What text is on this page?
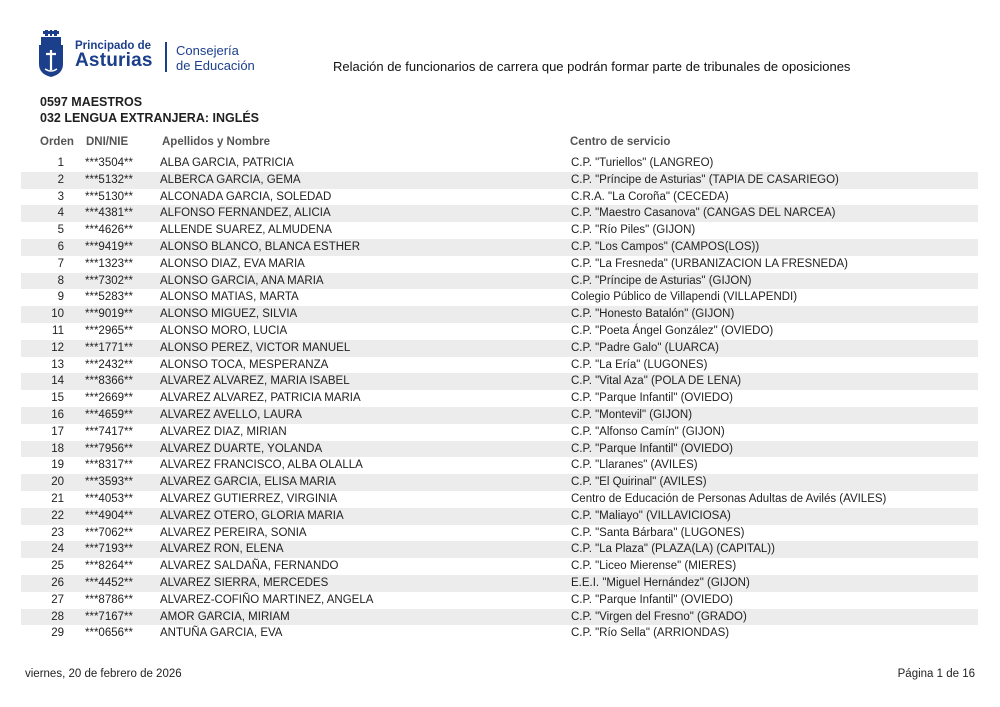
Principado de
Asturias Consejería
de Educación	Relación de funcionarios de carrera que podrán formar parte de tribunales de oposiciones
0597 MAESTROS
032 LENGUA EXTRANJERA: INGLÉS
Orden DNI/NIE	Apellidos y Nombre	Centro de servicio
1 ***3504** ALBA GARCIA, PATRICIA	C.P. "Turiellos" (LANGREO)
2 ***5132** ALBERCA GARCIA, GEMA	C.P. "Príncipe de Asturias" (TAPIA DE CASARIEGO)
3 ***5130** ALCONADA GARCIA, SOLEDAD	C.R.A. "La Coroña" (CECEDA)
4 ***4381** ALFONSO FERNANDEZ, ALICIA	C.P. "Maestro Casanova" (CANGAS DEL NARCEA)
5 ***4626** ALLENDE SUAREZ, ALMUDENA	C.P. "Río Piles" (GIJON)
6 ***9419** ALONSO BLANCO, BLANCA ESTHER	C.P. "Los Campos" (CAMPOS(LOS))
7 ***1323** ALONSO DIAZ, EVA MARIA	C.P. "La Fresneda" (URBANIZACION LA FRESNEDA)
8 ***7302** ALONSO GARCIA, ANA MARIA	C.P. "Príncipe de Asturias" (GIJON)
9 ***5283** ALONSO MATIAS, MARTA	Colegio Público de Villapendi (VILLAPENDI)
10 ***9019** ALONSO MIGUEZ, SILVIA	C.P. "Honesto Batalón" (GIJON)
11 ***2965** ALONSO MORO, LUCIA	C.P. "Poeta Ángel González" (OVIEDO)
12 ***1771** ALONSO PEREZ, VICTOR MANUEL	C.P. "Padre Galo" (LUARCA)
13 ***2432** ALONSO TOCA, MESPERANZA	C.P. "La Ería" (LUGONES)
14 ***8366** ALVAREZ ALVAREZ, MARIA ISABEL	C.P. "Vital Aza" (POLA DE LENA)
15 ***2669** ALVAREZ ALVAREZ, PATRICIA MARIA	C.P. "Parque Infantil" (OVIEDO)
16 ***4659** ALVAREZ AVELLO, LAURA	C.P. "Montevil" (GIJON)
17 ***7417** ALVAREZ DIAZ, MIRIAN	C.P. "Alfonso Camín" (GIJON)
18 ***7956** ALVAREZ DUARTE, YOLANDA	C.P. "Parque Infantil" (OVIEDO)
19 ***8317** ALVAREZ FRANCISCO, ALBA OLALLA	C.P. "Llaranes" (AVILES)
20 ***3593** ALVAREZ GARCIA, ELISA MARIA	C.P. "El Quirinal" (AVILES)
21 ***4053** ALVAREZ GUTIERREZ, VIRGINIA	Centro de Educación de Personas Adultas de Avilés (AVILES)
22 ***4904** ALVAREZ OTERO, GLORIA MARIA	C.P. "Maliayo" (VILLAVICIOSA)
23 ***7062** ALVAREZ PEREIRA, SONIA	C.P. "Santa Bárbara" (LUGONES)
24 ***7193** ALVAREZ RON, ELENA	C.P. "La Plaza" (PLAZA(LA) (CAPITAL))
25 ***8264** ALVAREZ SALDAÑA, FERNANDO	C.P. "Liceo Mierense" (MIERES)
26 ***4452** ALVAREZ SIERRA, MERCEDES	E.E.I. "Miguel Hernández" (GIJON)
27 ***8786** ALVAREZ-COFIÑO MARTINEZ, ANGELA	C.P. "Parque Infantil" (OVIEDO)
28 ***7167** AMOR GARCIA, MIRIAM	C.P. "Virgen del Fresno" (GRADO)
29 ***0656** ANTUÑA GARCIA, EVA	C.P. "Río Sella" (ARRIONDAS)
viernes, 20 de febrero de 2026	Página 1 de 16
